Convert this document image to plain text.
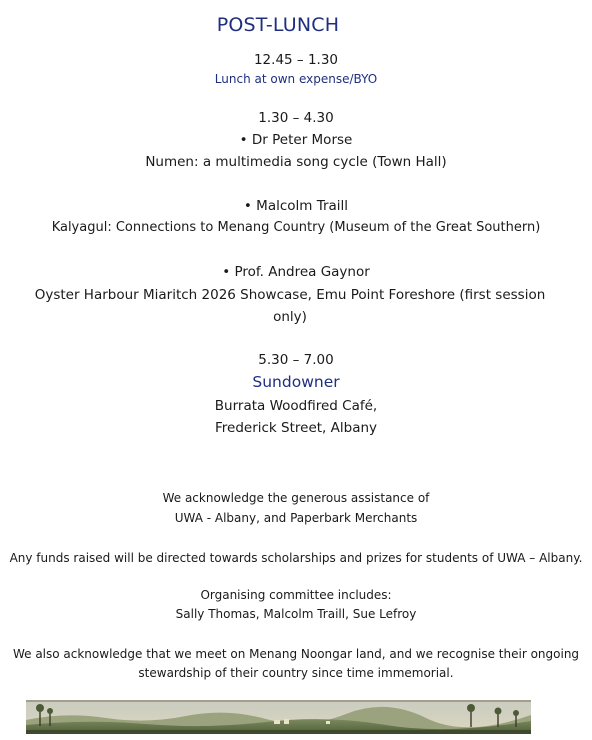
POST-LUNCH
12.45 – 1.30
Lunch at own expense/BYO
1.30 – 4.30
• Dr Peter Morse
Numen: a multimedia song cycle (Town Hall)
• Malcolm Traill
Kalyagul: Connections to Menang Country (Museum of the Great Southern)
• Prof. Andrea Gaynor
Oyster Harbour Miaritch 2026 Showcase, Emu Point Foreshore (first session only)
5.30 – 7.00
Sundowner
Burrata Woodfired Café,
Frederick Street, Albany
We acknowledge the generous assistance of
UWA - Albany, and Paperbark Merchants
Any funds raised will be directed towards scholarships and prizes for students of UWA – Albany.
Organising committee includes:
Sally Thomas, Malcolm Traill, Sue Lefroy
We also acknowledge that we meet on Menang Noongar land, and we recognise their ongoing stewardship of their country since time immemorial.
